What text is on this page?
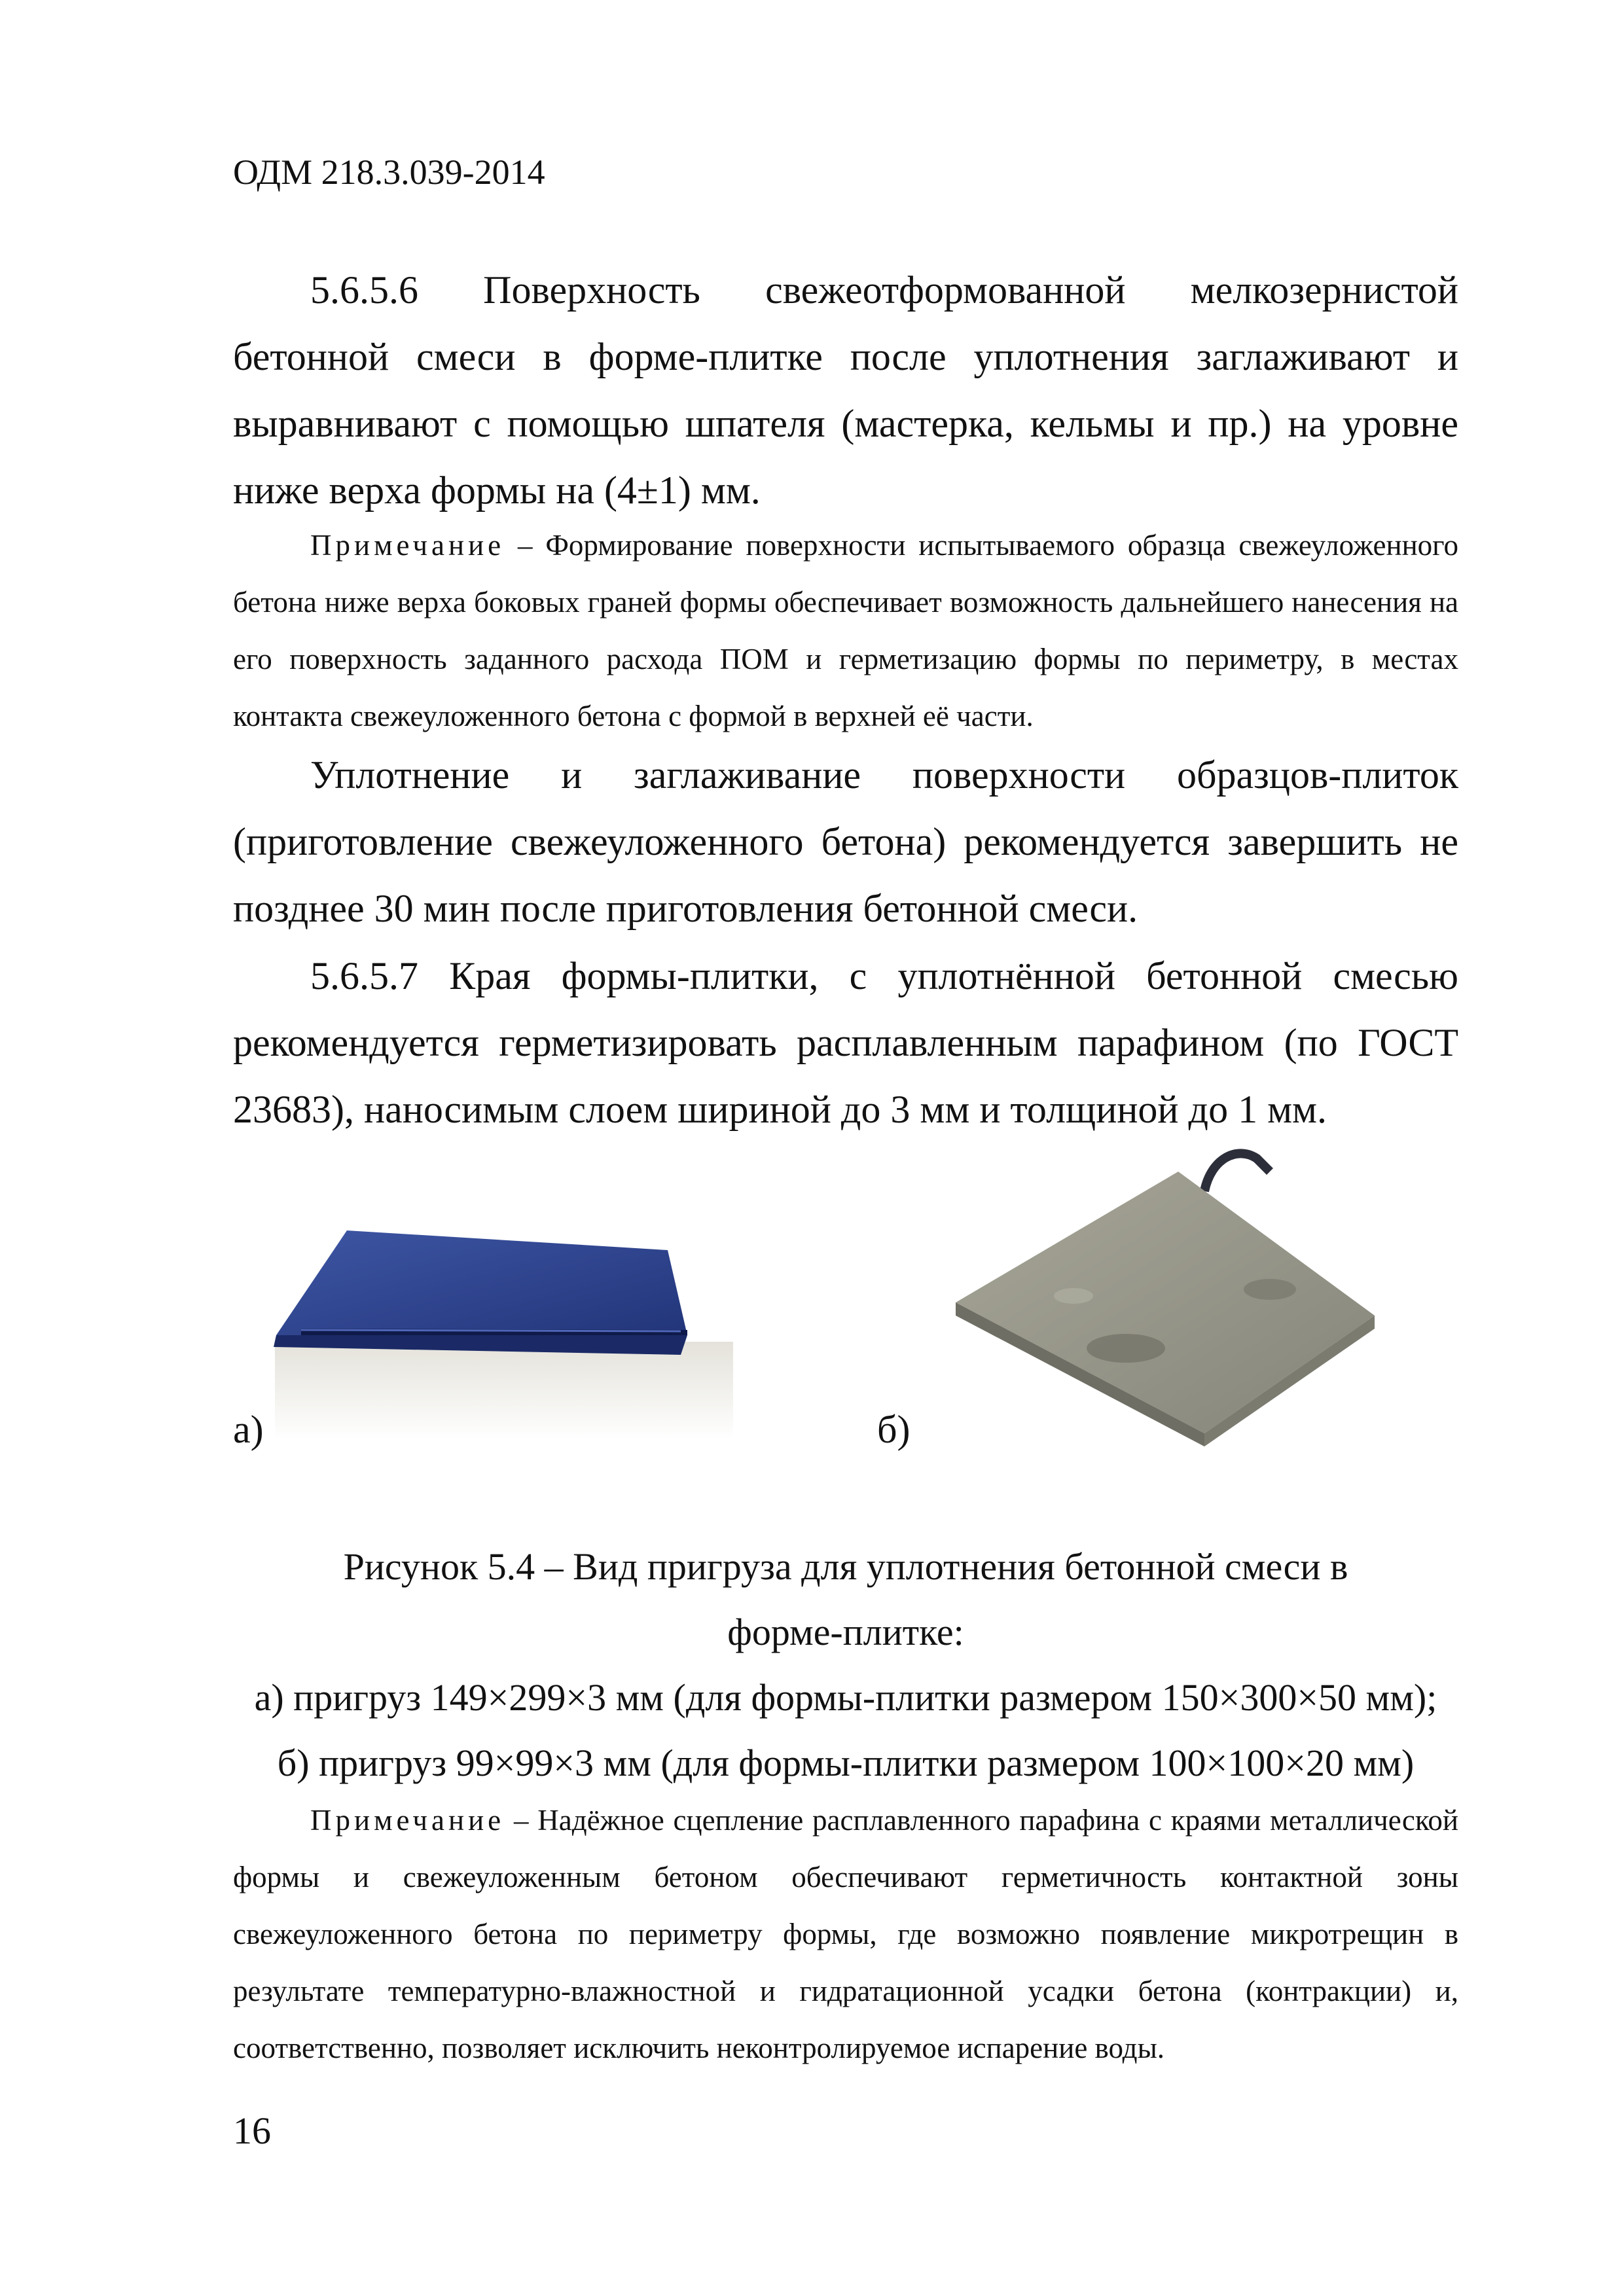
ОДМ 218.3.039-2014

5.6.5.6 Поверхность свежеотформованной мелкозернистой бетонной смеси в форме-плитке после уплотнения заглаживают и выравнивают с помощью шпателя (мастерка, кельмы и пр.) на уровне ниже верха формы на (4±1) мм.

Примечание – Формирование поверхности испытываемого образца свежеуложенного бетона ниже верха боковых граней формы обеспечивает возможность дальнейшего нанесения на его поверхность заданного расхода ПОМ и герметизацию формы по периметру, в местах контакта свежеуложенного бетона с формой в верхней её части.

Уплотнение и заглаживание поверхности образцов-плиток (приготовление свежеуложенного бетона) рекомендуется завершить не позднее 30 мин после приготовления бетонной смеси.

5.6.5.7 Края формы-плитки, с уплотнённой бетонной смесью рекомендуется герметизировать расплавленным парафином (по ГОСТ 23683), наносимым слоем шириной до 3 мм и толщиной до 1 мм.

а)	б)
Рисунок 5.4 – Вид пригруза для уплотнения бетонной смеси в
форме-плитке:
а) пригруз 149×299×3 мм (для формы-плитки размером 150×300×50 мм);
б) пригруз 99×99×3 мм (для формы-плитки размером 100×100×20 мм)

Примечание – Надёжное сцепление расплавленного парафина с краями металлической формы и свежеуложенным бетоном обеспечивают герметичность контактной зоны свежеуложенного бетона по периметру формы, где возможно появление микротрещин в результате температурно-влажностной и гидратационной усадки бетона (контракции) и, соответственно, позволяет исключить неконтролируемое испарение воды.

16
